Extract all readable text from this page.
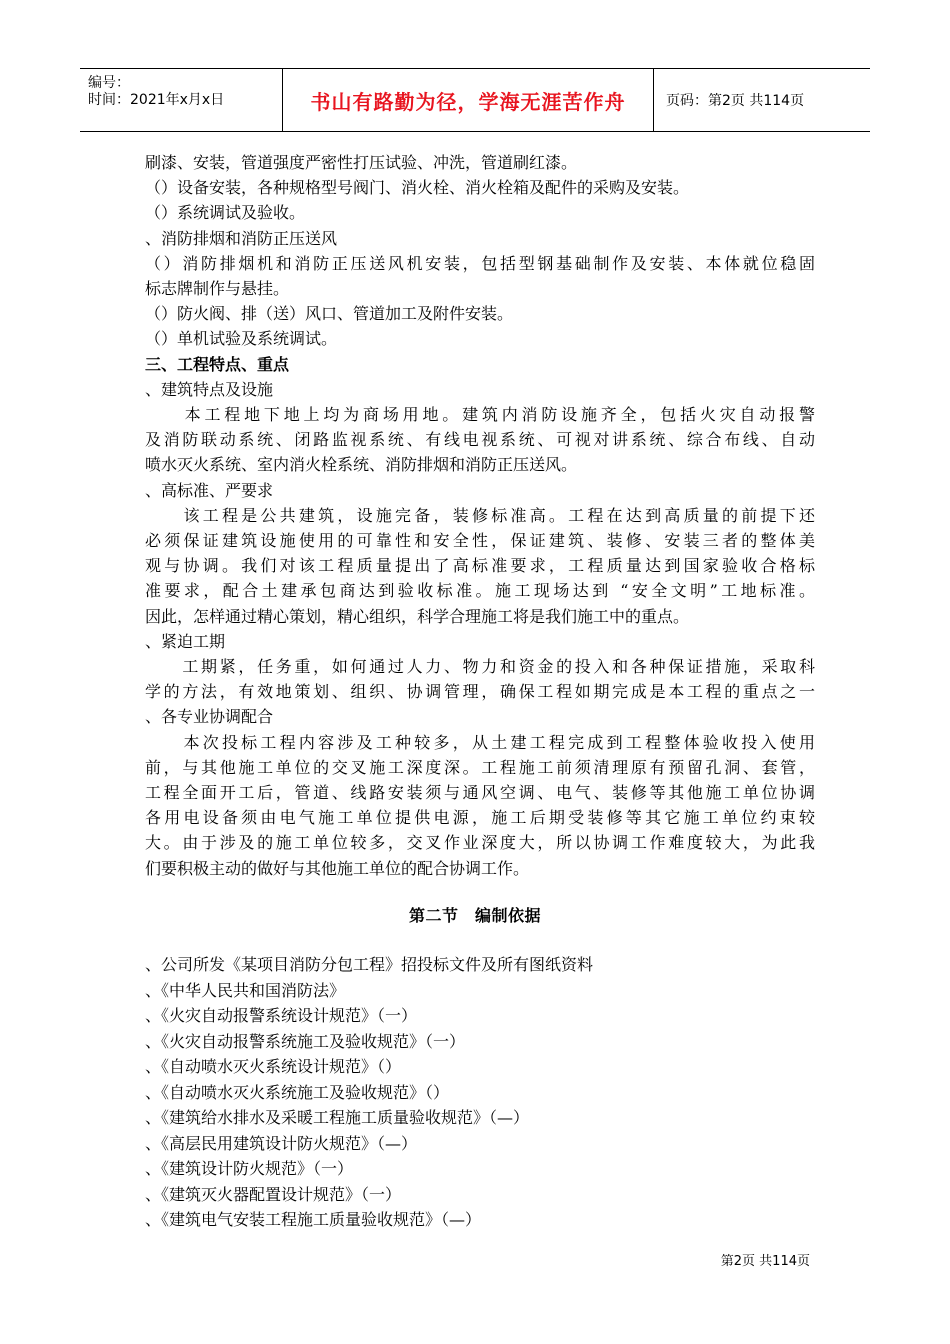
编号：
时间：2021年x月x日	书山有路勤为径，学海无涯苦作舟	页码：第2页 共114页
刷漆、安装，管道强度严密性打压试验、冲洗，管道刷红漆。
（）设备安装，各种规格型号阀门、消火栓、消火栓箱及配件的采购及安装。
（）系统调试及验收。
、消防排烟和消防正压送风
（）消防排烟机和消防正压送风机安装，包括型钢基础制作及安装、本体就位稳固
标志牌制作与悬挂。
（）防火阀、排（送）风口、管道加工及附件安装。
（）单机试验及系统调试。
三、工程特点、重点
、建筑特点及设施
　　本工程地下地上均为商场用地。建筑内消防设施齐全，包括火灾自动报警
及消防联动系统、闭路监视系统、有线电视系统、可视对讲系统、综合布线、自动
喷水灭火系统、室内消火栓系统、消防排烟和消防正压送风。
、高标准、严要求
　　该工程是公共建筑，设施完备，装修标准高。工程在达到高质量的前提下还
必须保证建筑设施使用的可靠性和安全性，保证建筑、装修、安装三者的整体美
观与协调。我们对该工程质量提出了高标准要求，工程质量达到国家验收合格标
准要求，配合土建承包商达到验收标准。施工现场达到 “安全文明”工地标准。
因此，怎样通过精心策划，精心组织，科学合理施工将是我们施工中的重点。
、紧迫工期
　　工期紧，任务重，如何通过人力、物力和资金的投入和各种保证措施，采取科
学的方法，有效地策划、组织、协调管理，确保工程如期完成是本工程的重点之一
、各专业协调配合
　　本次投标工程内容涉及工种较多，从土建工程完成到工程整体验收投入使用
前，与其他施工单位的交叉施工深度深。工程施工前须清理原有预留孔洞、套管，
工程全面开工后，管道、线路安装须与通风空调、电气、装修等其他施工单位协调
各用电设备须由电气施工单位提供电源，施工后期受装修等其它施工单位约束较
大。由于涉及的施工单位较多，交叉作业深度大，所以协调工作难度较大，为此我
们要积极主动的做好与其他施工单位的配合协调工作。
第二节　编制依据
、公司所发《某项目消防分包工程》招投标文件及所有图纸资料
、《中华人民共和国消防法》
、《火灾自动报警系统设计规范》（一）
、《火灾自动报警系统施工及验收规范》（一）
、《自动喷水灭火系统设计规范》（）
、《自动喷水灭火系统施工及验收规范》（）
、《建筑给水排水及采暖工程施工质量验收规范》（—）
、《高层民用建筑设计防火规范》（—）
、《建筑设计防火规范》（一）
、《建筑灭火器配置设计规范》（一）
、《建筑电气安装工程施工质量验收规范》（—）
第2页 共114页
